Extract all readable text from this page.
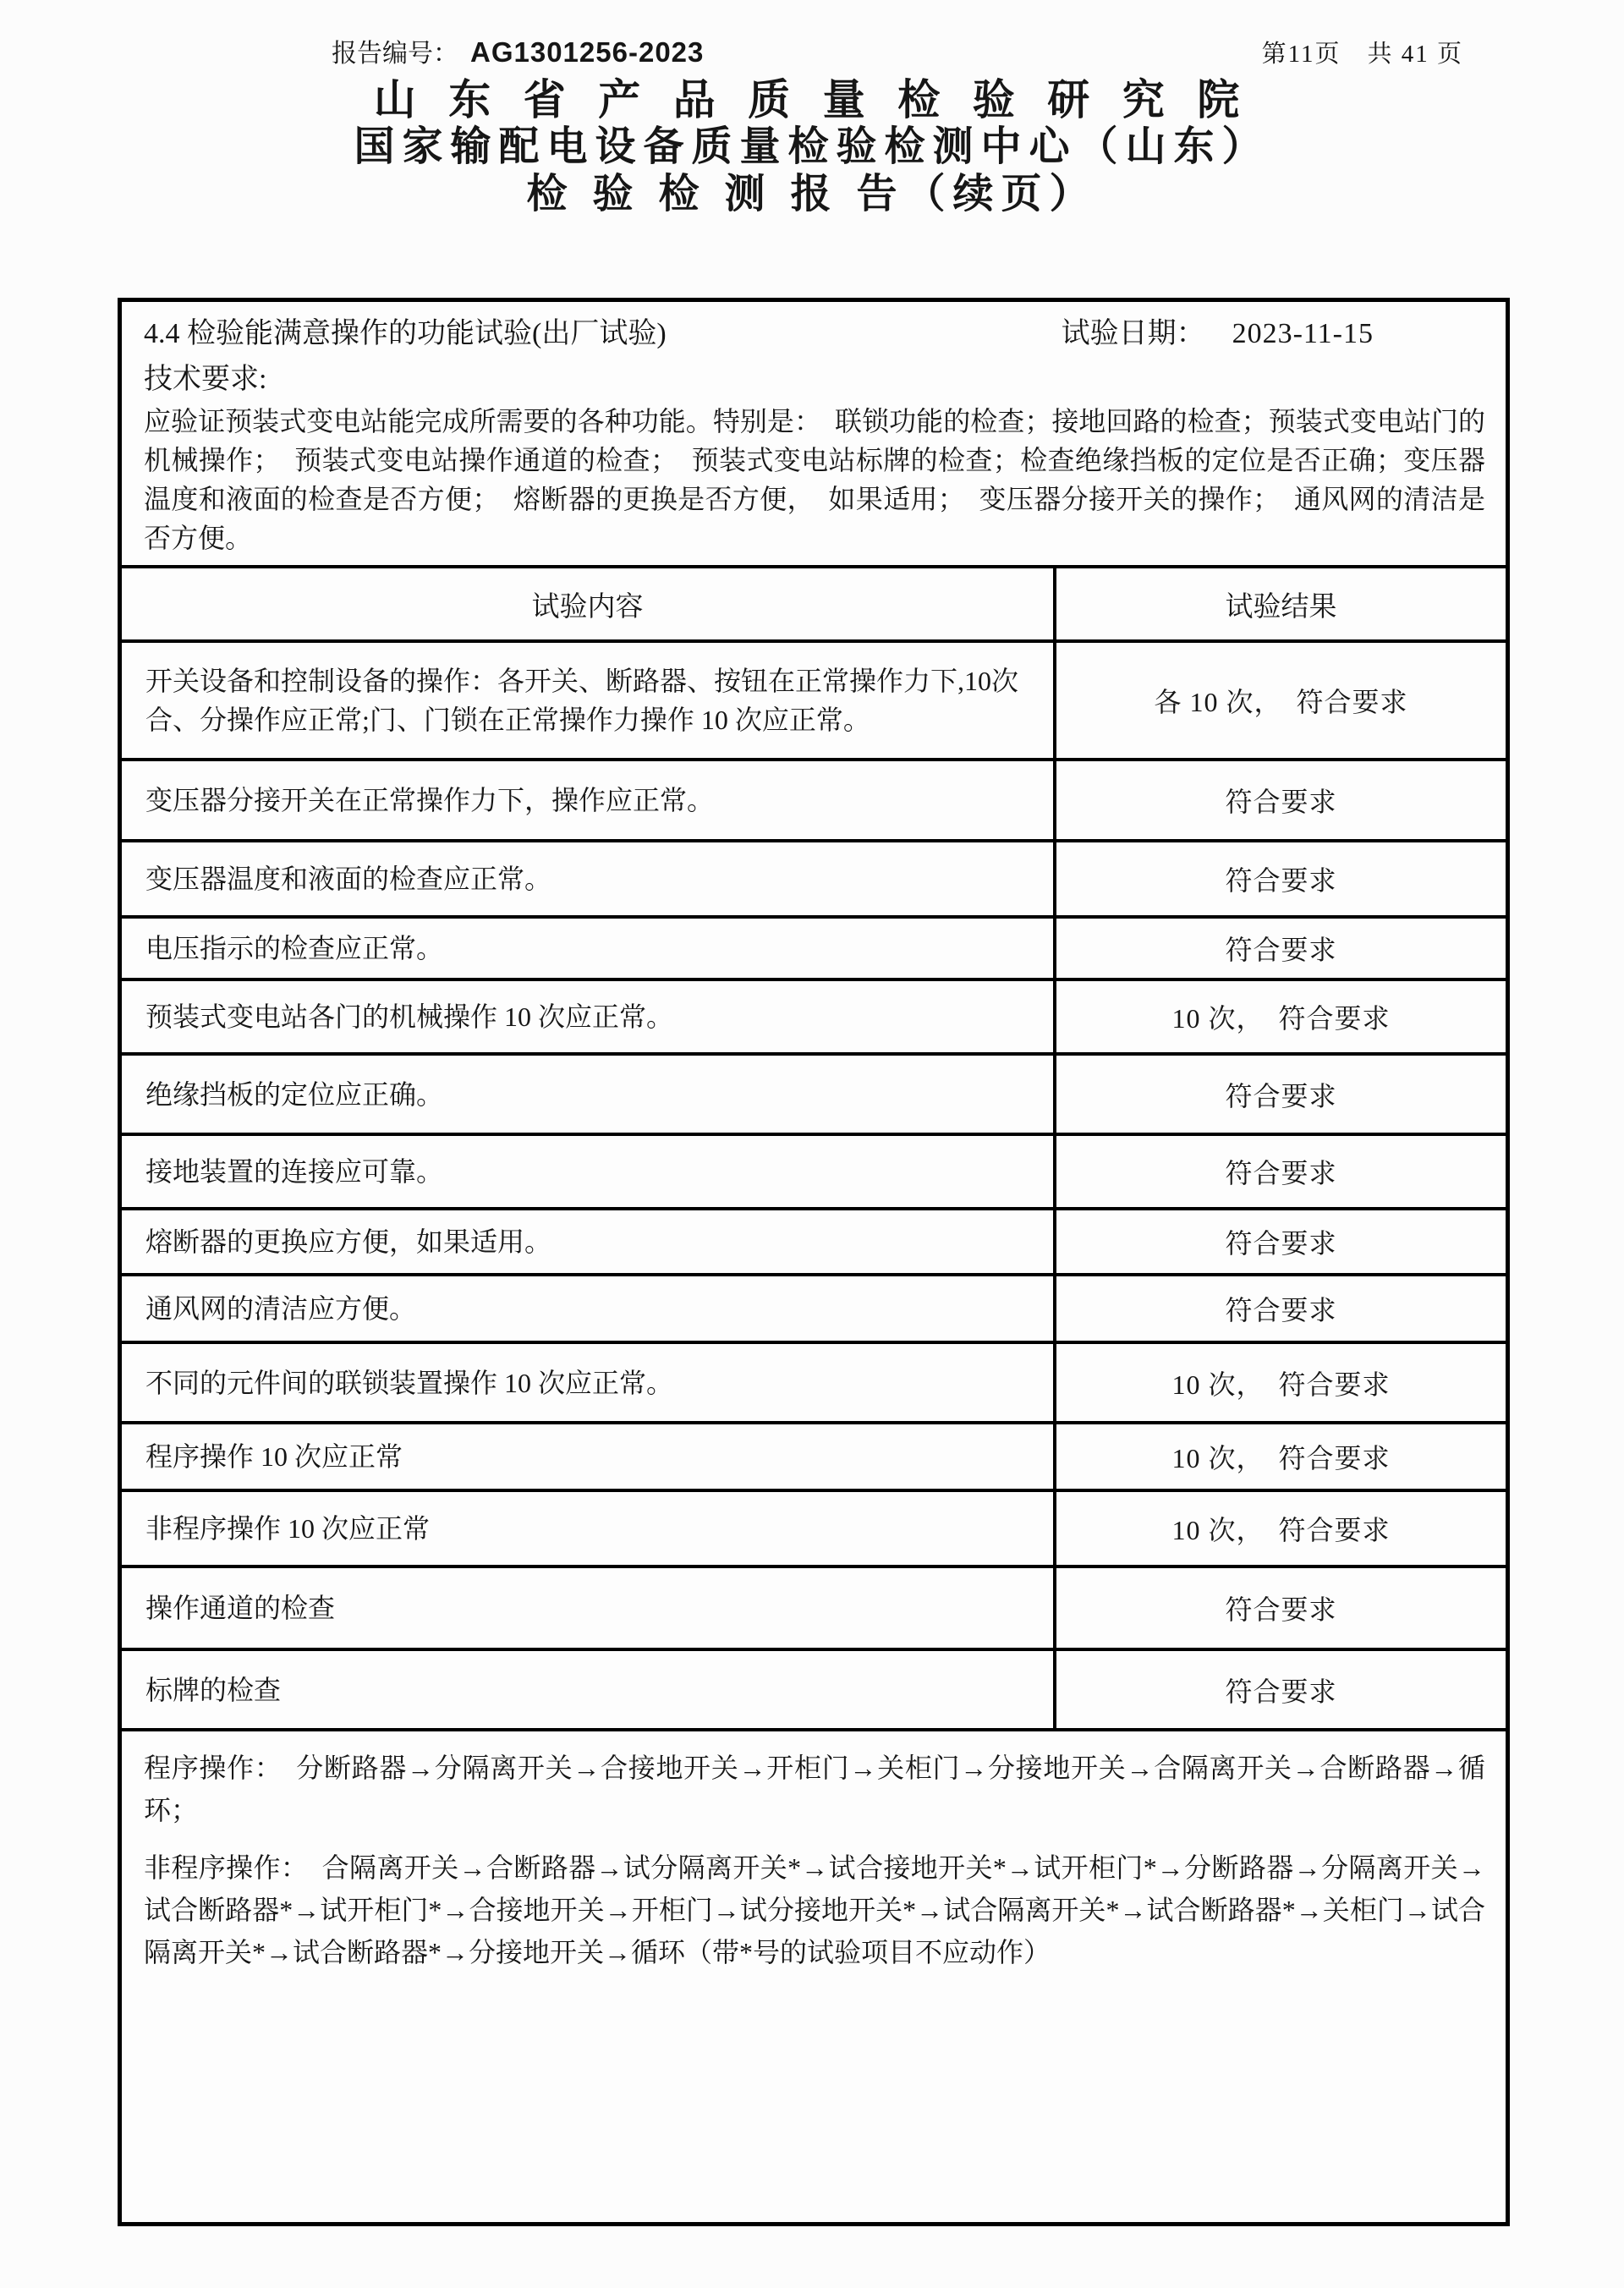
报告编号： AG1301256-2023	第11页　共 41 页
山 东 省 产 品 质 量 检 验 研 究 院
国家输配电设备质量检验检测中心（山东）
检 验 检 测 报 告（续页）
4.4 检验能满意操作的功能试验(出厂试验)	试验日期： 2023-11-15
技术要求:

应验证预装式变电站能完成所需要的各种功能。特别是：　联锁功能的检查；接地回路的检查；预装式变电站门的机械操作；　预装式变电站操作通道的检查；　预装式变电站标牌的检查；检查绝缘挡板的定位是否正确；变压器温度和液面的检查是否方便；　熔断器的更换是否方便，　如果适用；　变压器分接开关的操作；　通风网的清洁是否方便。

试验内容	试验结果
开关设备和控制设备的操作：各开关、断路器、按钮在正常操作力下,10次合、分操作应正常;门、门锁在正常操作力操作 10 次应正常。	各 10 次，　符合要求
变压器分接开关在正常操作力下，操作应正常。	符合要求
变压器温度和液面的检查应正常。	符合要求
电压指示的检查应正常。	符合要求
预装式变电站各门的机械操作 10 次应正常。	10 次，　符合要求
绝缘挡板的定位应正确。	符合要求
接地装置的连接应可靠。	符合要求
熔断器的更换应方便，如果适用。	符合要求
通风网的清洁应方便。	符合要求
不同的元件间的联锁装置操作 10 次应正常。	10 次，　符合要求
程序操作 10 次应正常	10 次，　符合要求
非程序操作 10 次应正常	10 次，　符合要求
操作通道的检查	符合要求
标牌的检查	符合要求

程序操作：　分断路器→分隔离开关→合接地开关→开柜门→关柜门→分接地开关→合隔离开关→合断路器→循环；

非程序操作：　合隔离开关→合断路器→试分隔离开关*→试合接地开关*→试开柜门*→分断路器→分隔离开关→试合断路器*→试开柜门*→合接地开关→开柜门→试分接地开关*→试合隔离开关*→试合断路器*→关柜门→试合隔离开关*→试合断路器*→分接地开关→循环（带*号的试验项目不应动作）
